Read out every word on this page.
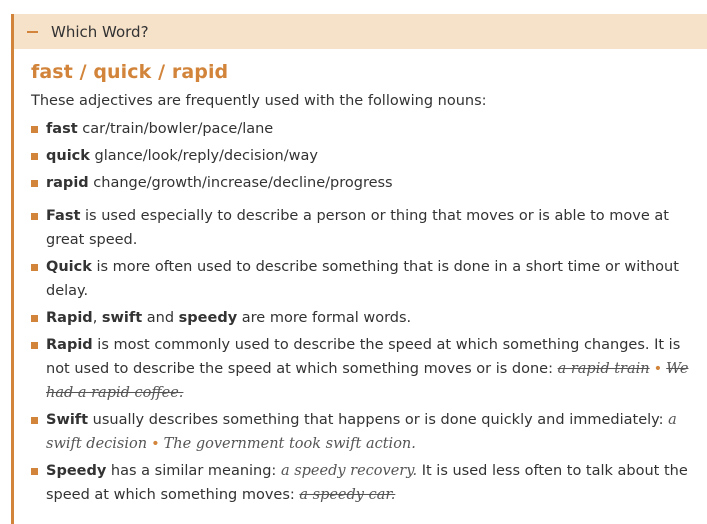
Which Word?
fast / quick / rapid

These adjectives are frequently used with the following nouns:

fast car/train/bowler/pace/lane
quick glance/look/reply/decision/way
rapid change/growth/increase/decline/progress
Fast is used especially to describe a person or thing that moves or is able to move at great speed.
Quick is more often used to describe something that is done in a short time or without delay.
Rapid, swift and speedy are more formal words.
Rapid is most commonly used to describe the speed at which something changes. It is not used to describe the speed at which something moves or is done: a rapid train • We had a rapid coffee.
Swift usually describes something that happens or is done quickly and immediately: a swift decision • The government took swift action.
Speedy has a similar meaning: a speedy recovery. It is used less often to talk about the speed at which something moves: a speedy car.
